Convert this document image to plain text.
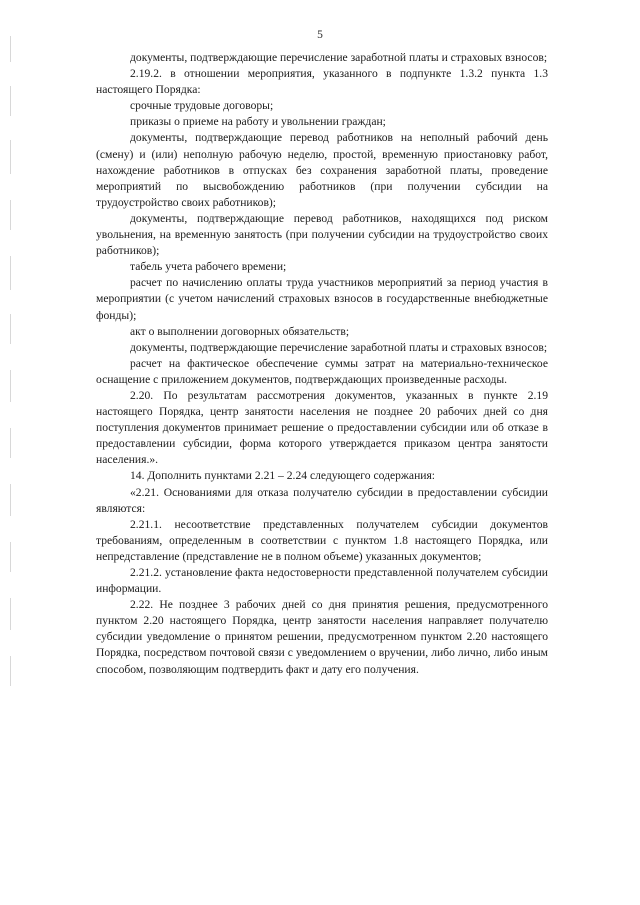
5

документы, подтверждающие перечисление заработной платы и страховых взносов;

2.19.2. в отношении мероприятия, указанного в подпункте 1.3.2 пункта 1.3 настоящего Порядка:

срочные трудовые договоры;

приказы о приеме на работу и увольнении граждан;

документы, подтверждающие перевод работников на неполный рабочий день (смену) и (или) неполную рабочую неделю, простой, временную приостановку работ, нахождение работников в отпусках без сохранения заработной платы, проведение мероприятий по высвобождению работников (при получении субсидии на трудоустройство своих работников);

документы, подтверждающие перевод работников, находящихся под риском увольнения, на временную занятость (при получении субсидии на трудоустройство своих работников);

табель учета рабочего времени;

расчет по начислению оплаты труда участников мероприятий за период участия в мероприятии (с учетом начислений страховых взносов в государственные внебюджетные фонды);

акт о выполнении договорных обязательств;

документы, подтверждающие перечисление заработной платы и страховых взносов;

расчет на фактическое обеспечение суммы затрат на материально-техническое оснащение с приложением документов, подтверждающих произведенные расходы.

2.20. По результатам рассмотрения документов, указанных в пункте 2.19 настоящего Порядка, центр занятости населения не позднее 20 рабочих дней со дня поступления документов принимает решение о предоставлении субсидии или об отказе в предоставлении субсидии, форма которого утверждается приказом центра занятости населения.».

14. Дополнить пунктами 2.21 – 2.24 следующего содержания:

«2.21. Основаниями для отказа получателю субсидии в предоставлении субсидии являются:

2.21.1. несоответствие представленных получателем субсидии документов требованиям, определенным в соответствии с пунктом 1.8 настоящего Порядка, или непредставление (представление не в полном объеме) указанных документов;

2.21.2. установление факта недостоверности представленной получателем субсидии информации.

2.22. Не позднее 3 рабочих дней со дня принятия решения, предусмотренного пунктом 2.20 настоящего Порядка, центр занятости населения направляет получателю субсидии уведомление о принятом решении, предусмотренном пунктом 2.20 настоящего Порядка, посредством почтовой связи с уведомлением о вручении, либо лично, либо иным способом, позволяющим подтвердить факт и дату его получения.
